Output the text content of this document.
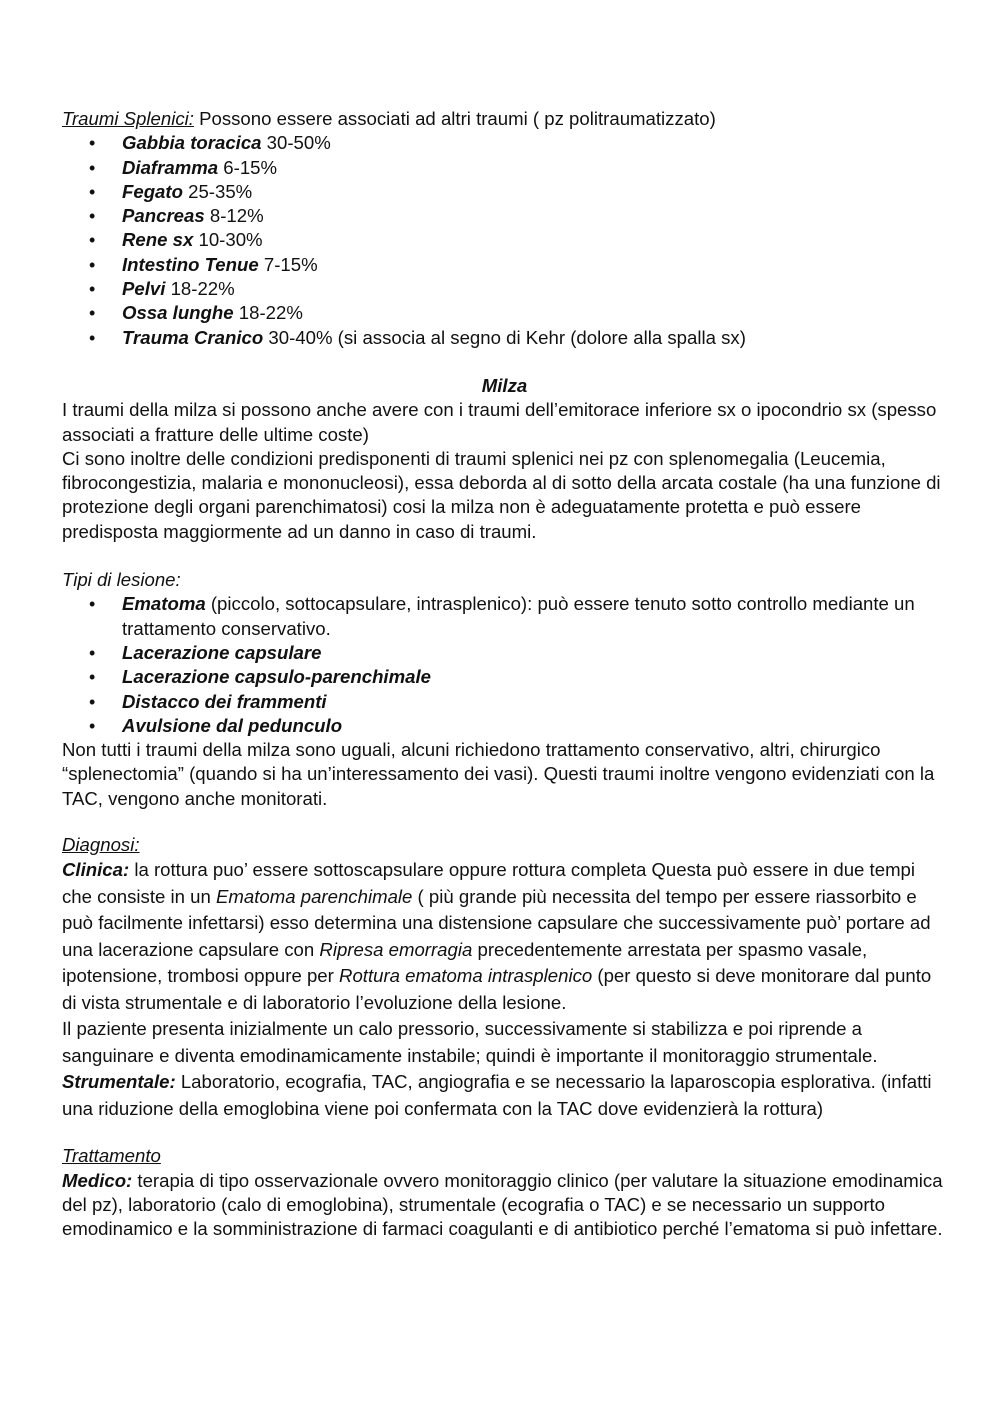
Traumi Splenici: Possono essere associati ad altri traumi ( pz politraumatizzato)

• Gabbia toracica 30-50%
• Diaframma 6-15%
• Fegato 25-35%
• Pancreas 8-12%
• Rene sx 10-30%
• Intestino Tenue 7-15%
• Pelvi 18-22%
• Ossa lunghe 18-22%
• Trauma Cranico 30-40% (si associa al segno di Kehr (dolore alla spalla sx)

Milza

I traumi della milza si possono anche avere con i traumi dell’emitorace inferiore sx o ipocondrio sx (spesso associati a fratture delle ultime coste)

Ci sono inoltre delle condizioni predisponenti di traumi splenici nei pz con splenomegalia (Leucemia, fibrocongestizia, malaria e mononucleosi), essa deborda al di sotto della arcata costale (ha una funzione di protezione degli organi parenchimatosi) cosi la milza non è adeguatamente protetta e può essere predisposta maggiormente ad un danno in caso di traumi.

Tipi di lesione:

• Ematoma (piccolo, sottocapsulare, intrasplenico): può essere tenuto sotto controllo mediante un trattamento conservativo.
• Lacerazione capsulare
• Lacerazione capsulo-parenchimale
• Distacco dei frammenti
• Avulsione dal pedunculo

Non tutti i traumi della milza sono uguali, alcuni richiedono trattamento conservativo, altri, chirurgico “splenectomia” (quando si ha un’interessamento dei vasi). Questi traumi inoltre vengono evidenziati con la TAC, vengono anche monitorati.

Diagnosi:

Clinica: la rottura puo’ essere sottoscapsulare oppure rottura completa Questa può essere in due tempi che consiste in un Ematoma parenchimale ( più grande più necessita del tempo per essere riassorbito e può facilmente infettarsi) esso determina una distensione capsulare che successivamente può’ portare ad una lacerazione capsulare con Ripresa emorragia precedentemente arrestata per spasmo vasale, ipotensione, trombosi oppure per Rottura ematoma intrasplenico (per questo si deve monitorare dal punto di vista strumentale e di laboratorio l’evoluzione della lesione.

Il paziente presenta inizialmente un calo pressorio, successivamente si stabilizza e poi riprende a sanguinare e diventa emodinamicamente instabile; quindi è importante il monitoraggio strumentale.

Strumentale: Laboratorio, ecografia, TAC, angiografia e se necessario la laparoscopia esplorativa. (infatti una riduzione della emoglobina viene poi confermata con la TAC dove evidenzierà la rottura)

Trattamento

Medico: terapia di tipo osservazionale ovvero monitoraggio clinico (per valutare la situazione emodinamica del pz), laboratorio (calo di emoglobina), strumentale (ecografia o TAC) e se necessario un supporto emodinamico e la somministrazione di farmaci coagulanti e di antibiotico perché l’ematoma si può infettare.
